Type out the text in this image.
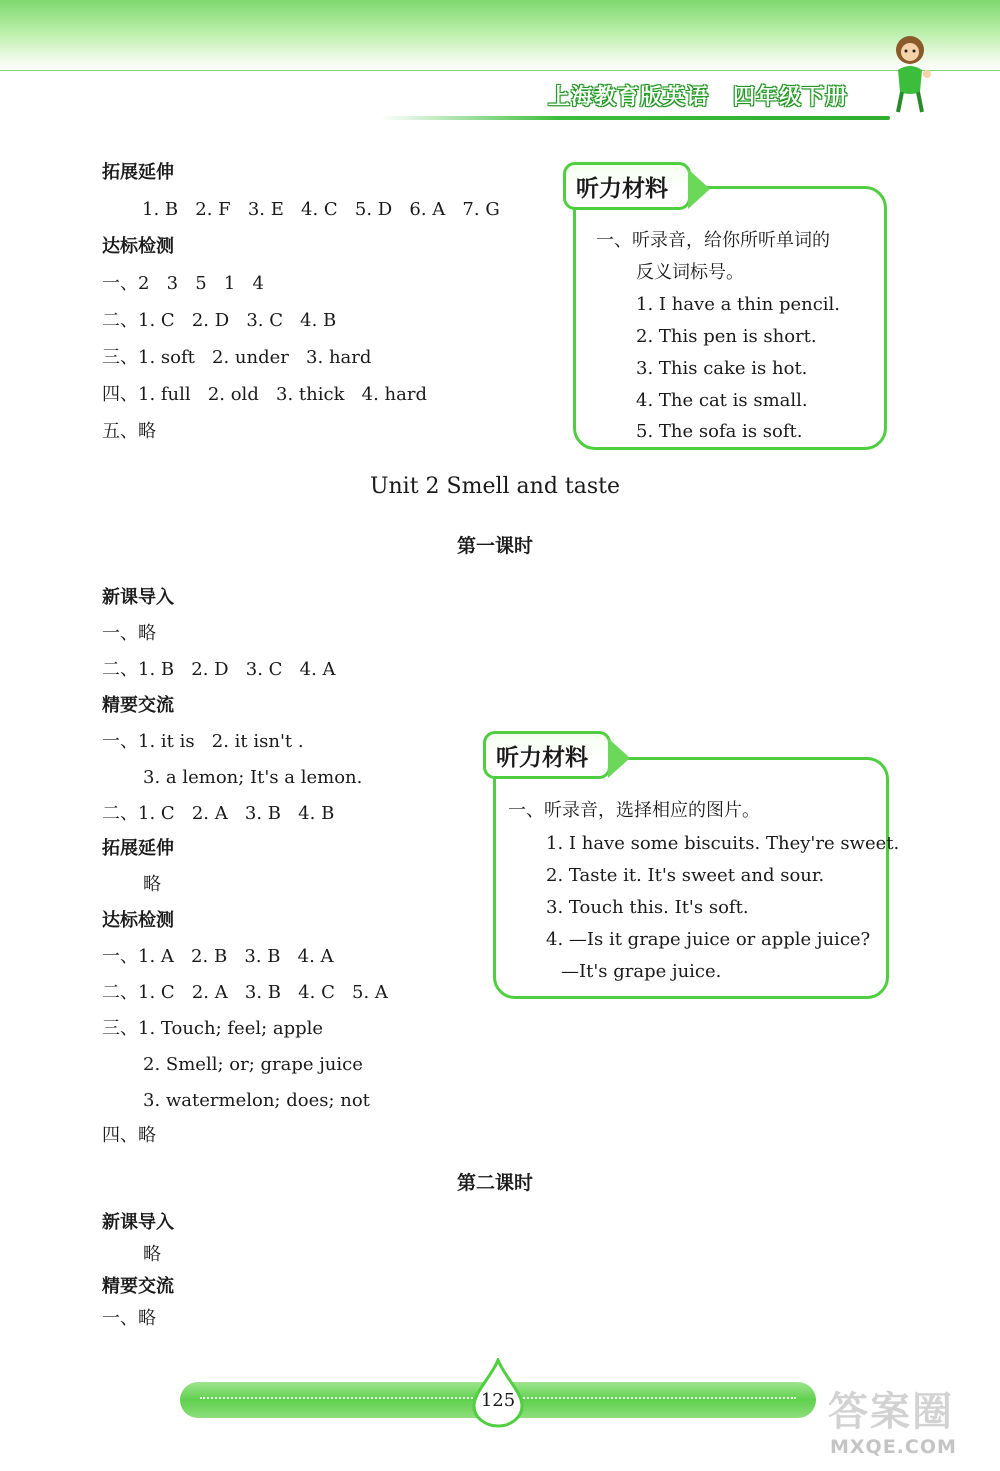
上海教育版英语 四年级下册
拓展延伸
1. B   2. F   3. E   4. C   5. D   6. A   7. G
达标检测
一、2   3   5   1   4
二、1. C   2. D   3. C   4. B
三、1. soft   2. under   3. hard
四、1. full   2. old   3. thick   4. hard
五、略
听力材料
一、听录音，给你所听单词的
反义词标号。
1. I have a thin pencil.
2. This pen is short.
3. This cake is hot.
4. The cat is small.
5. The sofa is soft.
Unit 2 Smell and taste
第一课时
新课导入
一、略
二、1. B   2. D   3. C   4. A
精要交流
一、1. it is   2. it isn't .
3. a lemon; It's a lemon.
二、1. C   2. A   3. B   4. B
拓展延伸
略
达标检测
一、1. A   2. B   3. B   4. A
二、1. C   2. A   3. B   4. C   5. A
三、1. Touch; feel; apple
2. Smell; or; grape juice
3. watermelon; does; not
四、略
听力材料
一、听录音，选择相应的图片。
1. I have some biscuits. They're sweet.
2. Taste it. It's sweet and sour.
3. Touch this. It's soft.
4. —Is it grape juice or apple juice?
—It's grape juice.
第二课时
新课导入
略
精要交流
一、略
125	答案圈
MXQE.COM
